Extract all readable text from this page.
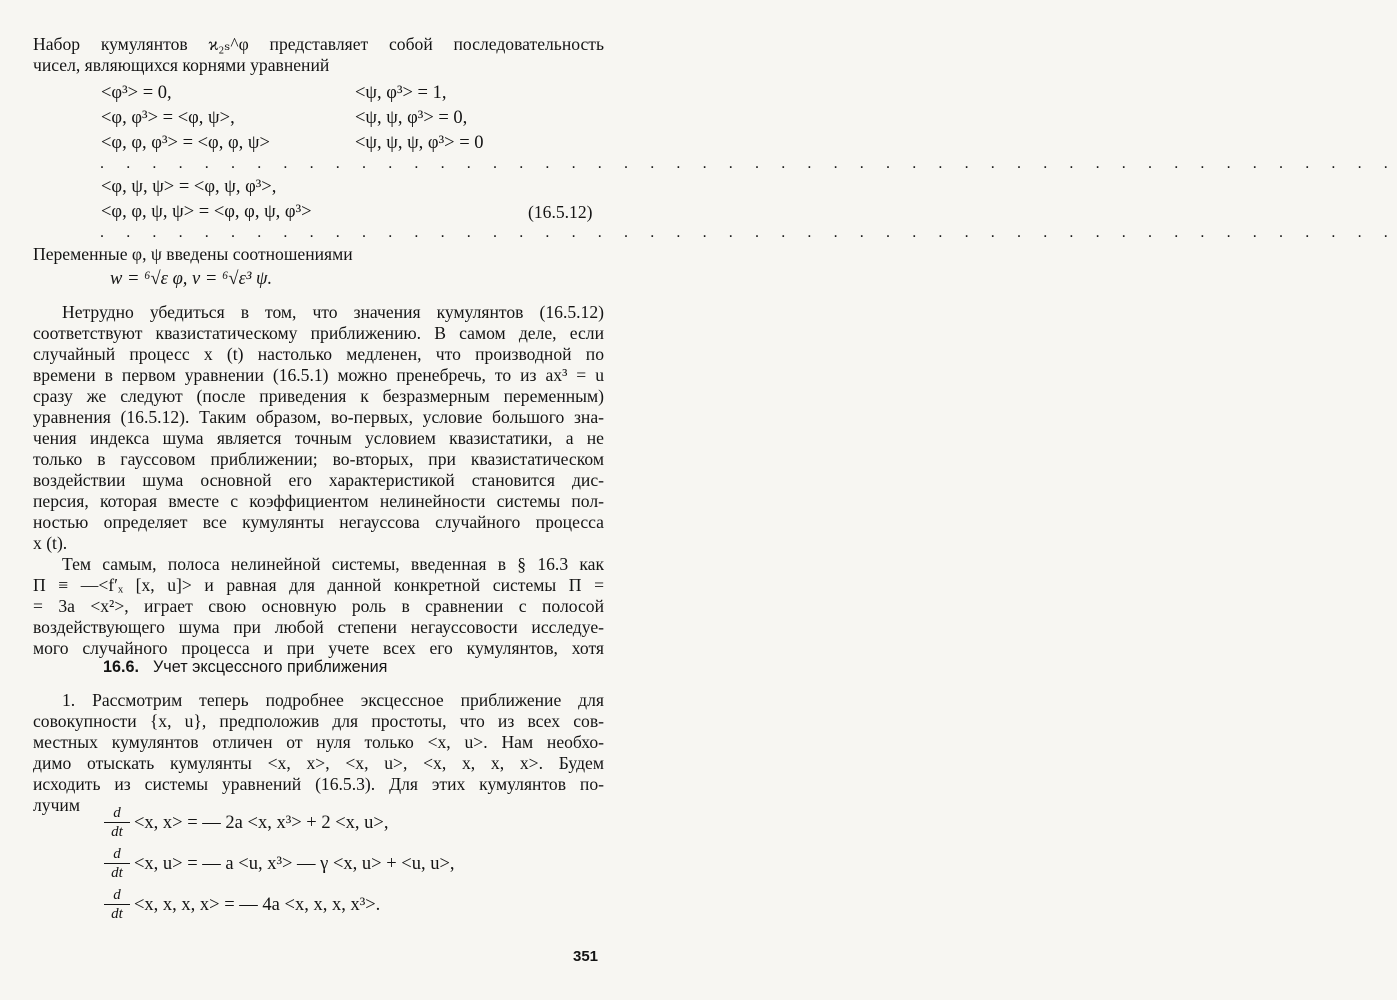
Набор кумулянтов ϰ₂ₛ^φ представляет собой последовательность
чисел, являющихся корнями уравнений
<φ³> = 0,	<ψ, φ³> = 1,
<φ, φ³> = <φ, ψ>,	<ψ, ψ, φ³> = 0,
<φ, φ, φ³> = <φ, φ, ψ>	<ψ, ψ, ψ, φ³> = 0
. . . . . . . . . . . . . . . . . . . . . . . . . . . . . . . . . . . . . . . . . . . . . . . . . .
<φ, ψ, ψ> = <φ, ψ, φ³>,
<φ, φ, ψ, ψ> = <φ, φ, ψ, φ³>	(16.5.12)
. . . . . . . . . . . . . . . . . . . . . . . . . . . . . . . . . . . . . . . . . . . . . . . . . .
Переменные φ, ψ введены соотношениями
w = ⁶√ε φ, v = ⁶√ε³ ψ.
Нетрудно убедиться в том, что значения кумулянтов (16.5.12)
соответствуют квазистатическому приближению. В самом деле, если
случайный процесс x (t) настолько медленен, что производной по
времени в первом уравнении (16.5.1) можно пренебречь, то из ax³ = u
сразу же следуют (после приведения к безразмерным переменным)
уравнения (16.5.12). Таким образом, во-первых, условие большого зна-
чения индекса шума является точным условием квазистатики, а не
только в гауссовом приближении; во-вторых, при квазистатическом
воздействии шума основной его характеристикой становится дис-
персия, которая вместе с коэффициентом нелинейности системы пол-
ностью определяет все кумулянты негауссова случайного процесса
x (t).
Тем самым, полоса нелинейной системы, введенная в § 16.3 как
Π ≡ —<f′ₓ [x, u]> и равная для данной конкретной системы Π =
= 3a <x²>, играет свою основную роль в сравнении с полосой
воздействующего шума при любой степени негауссовости исследуе-
мого случайного процесса и при учете всех его кумулянтов, хотя
16.6. Учет эксцессного приближения
1. Рассмотрим теперь подробнее эксцессное приближение для
совокупности {x, u}, предположив для простоты, что из всех сов-
местных кумулянтов отличен от нуля только <x, u>. Нам необхо-
димо отыскать кумулянты <x, x>, <x, u>, <x, x, x, x>. Будем
исходить из системы уравнений (16.5.3). Для этих кумулянтов по-
лучим	d
dt <x, x> = — 2a <x, x³> + 2 <x, u>,
d
dt <x, u> = — a <u, x³> — γ <x, u> + <u, u>,
d
dt <x, x, x, x> = — 4a <x, x, x, x³>.
351
